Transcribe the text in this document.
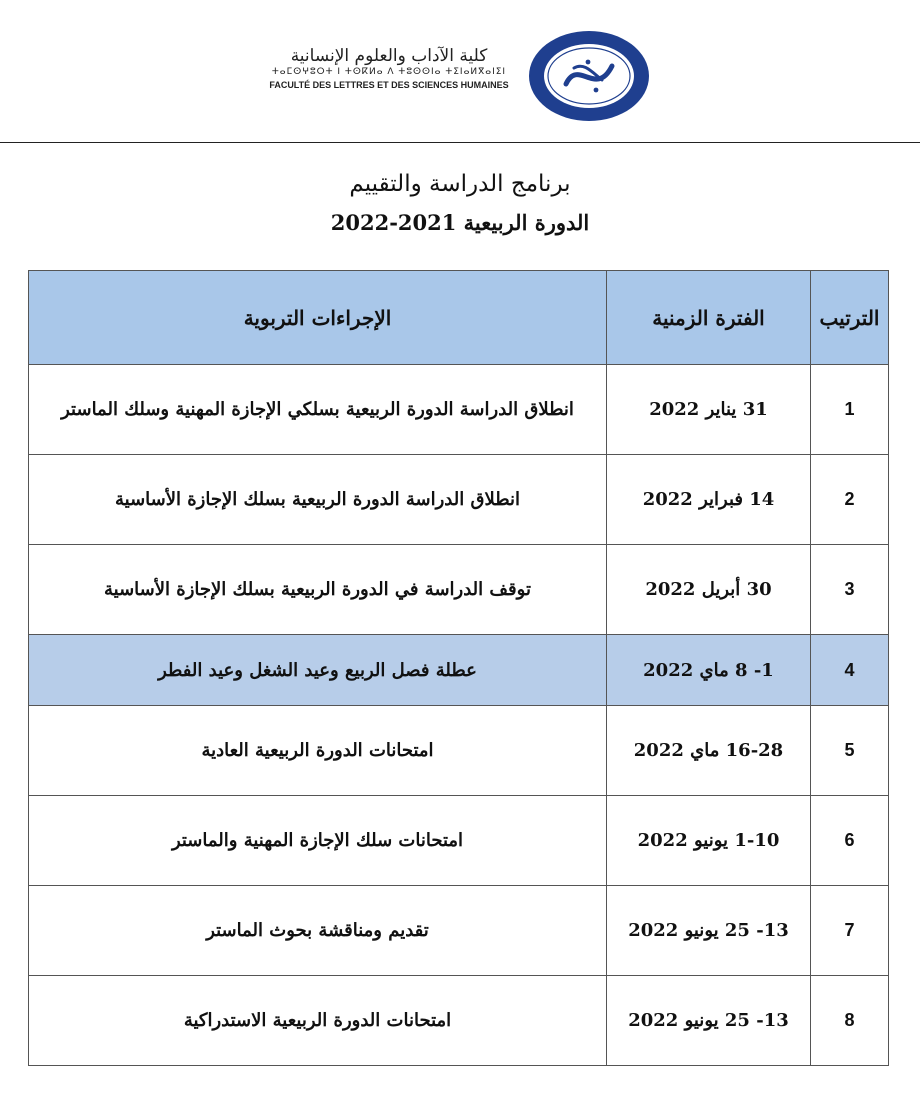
كلية الآداب والعلوم الإنسانية
ⵜⴰⵎⵙⵖⵓⵔⵜ ⵏ ⵜⵙⴽⵍⴰ ⴷ ⵜⵓⵙⵙⵏⴰ ⵜⵉⵏⴰⵍⴳⴰⵏⵉⵏ
FACULTÉ DES LETTRES ET DES SCIENCES HUMAINES
برنامج الدراسة والتقييم
الدورة الربيعية 2021-2022
الترتيب	الفترة الزمنية	الإجراءات التربوية
1	31 يناير 2022	انطلاق الدراسة الدورة الربيعية بسلكي الإجازة المهنية وسلك الماستر
2	14 فبراير 2022	انطلاق الدراسة الدورة الربيعية بسلك الإجازة الأساسية
3	30 أبريل 2022	توقف الدراسة في الدورة الربيعية بسلك الإجازة الأساسية
4	1- 8 ماي 2022	عطلة فصل الربيع وعيد الشغل وعيد الفطر
5	16-28 ماي 2022	امتحانات الدورة الربيعية العادية
6	1-10 يونيو 2022	امتحانات سلك الإجازة المهنية والماستر
7	13- 25 يونيو 2022	تقديم ومناقشة بحوث الماستر
8	13- 25 يونيو 2022	امتحانات الدورة الربيعية الاستدراكية
